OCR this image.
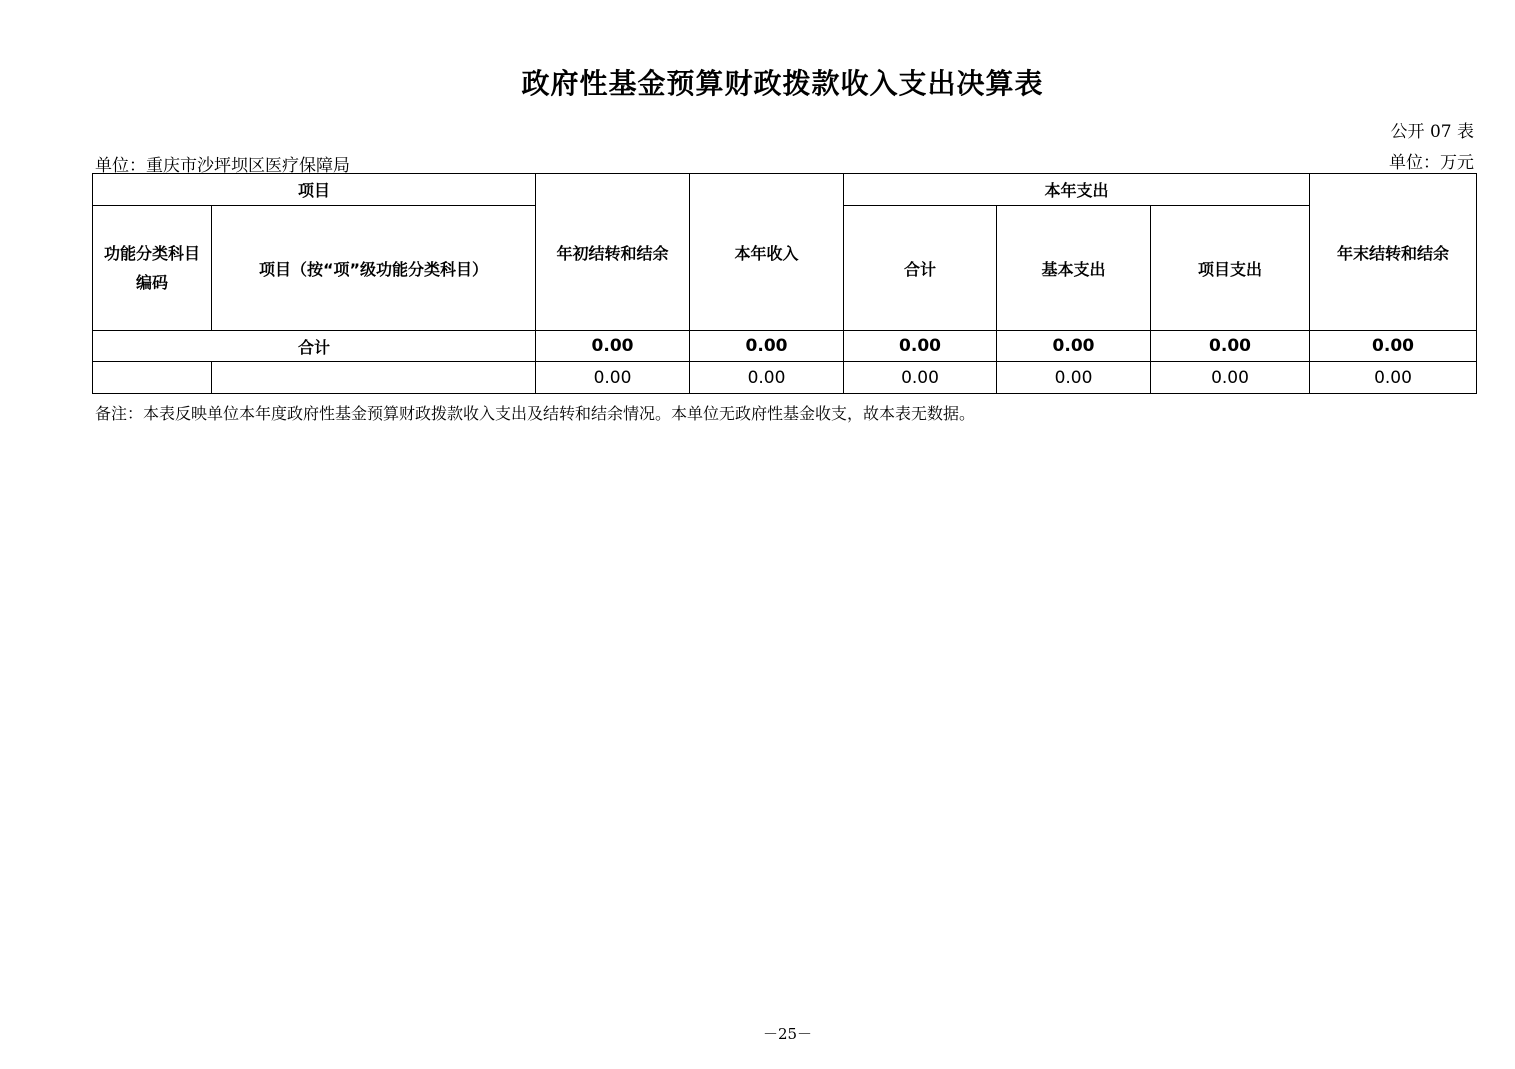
政府性基金预算财政拨款收入支出决算表
公开 07 表
单位：重庆市沙坪坝区医疗保障局	单位：万元
项目		年初结转和结余	本年收入	本年支出			年末结转和结余

功能分类科目
编码	项目（按“项”级功能分类科目）			合计	基本支出	项目支出	
合计		0.00	0.00	0.00	0.00	0.00	0.00
		0.00	0.00	0.00	0.00	0.00	0.00
备注：本表反映单位本年度政府性基金预算财政拨款收入支出及结转和结余情况。本单位无政府性基金收支，故本表无数据。
－25－
